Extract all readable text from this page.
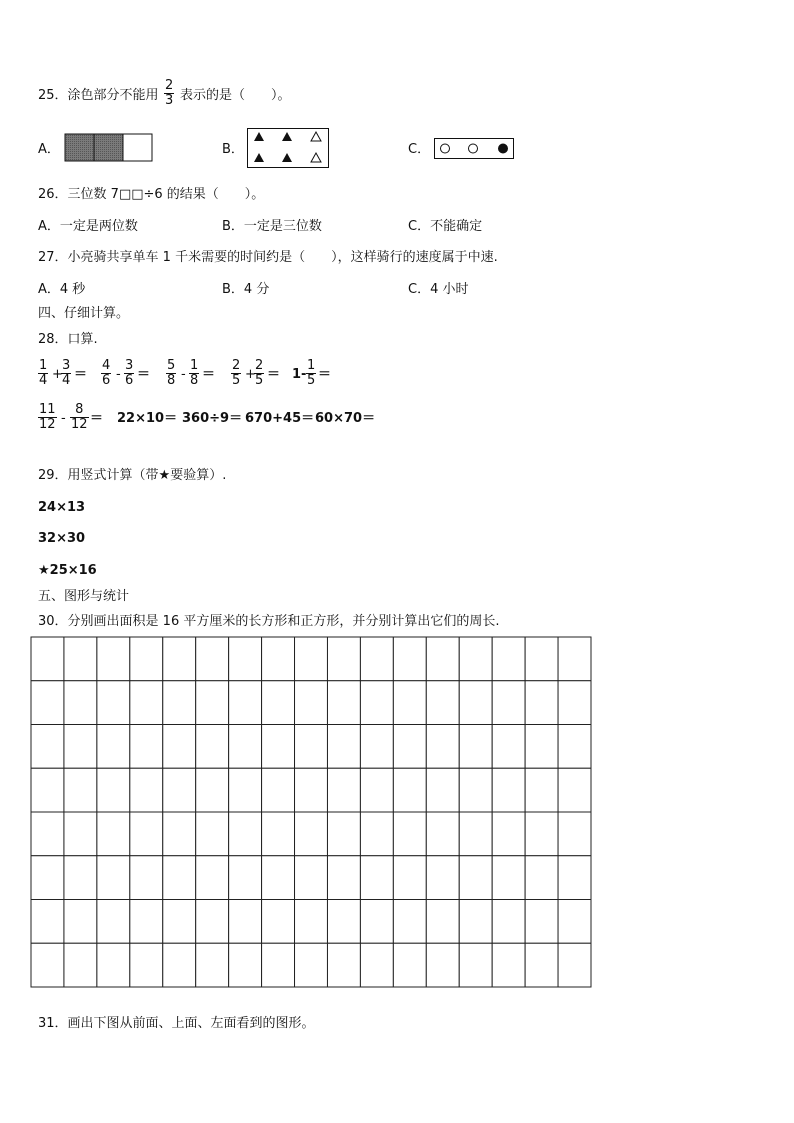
25．涂色部分不能用 $\frac{2}{3}$ 表示的是（　　）。
A．	B．	C．
26．三位数 7□□÷6 的结果（　　）。
A．一定是两位数	B．一定是三位数	C．不能确定
27．小亮骑共享单车 1 千米需要的时间约是（　　），这样骑行的速度属于中速.
A．4 秒	B．4 分	C．4 小时
四、仔细计算。
28．口算.
$\frac{1}{4}$ +
$\frac{3}{4} = \frac{4}{6} - \frac{3}{6} = \frac{5}{8} - \frac{1}{8} = \frac{2}{5}$ +
$\frac{2}{5} = 1- \frac{1}{5}$ ＝
$\frac{11}{12} - \frac{8}{12} = 22\times 10= 360\div 9= 670+45= 60\times 70=$
29．用竖式计算（带★要验算）.
24×13
32×30
★25×16
五、图形与统计
30．分别画出面积是 16 平方厘米的长方形和正方形，并分别计算出它们的周长.
31．画出下图从前面、上面、左面看到的图形。
